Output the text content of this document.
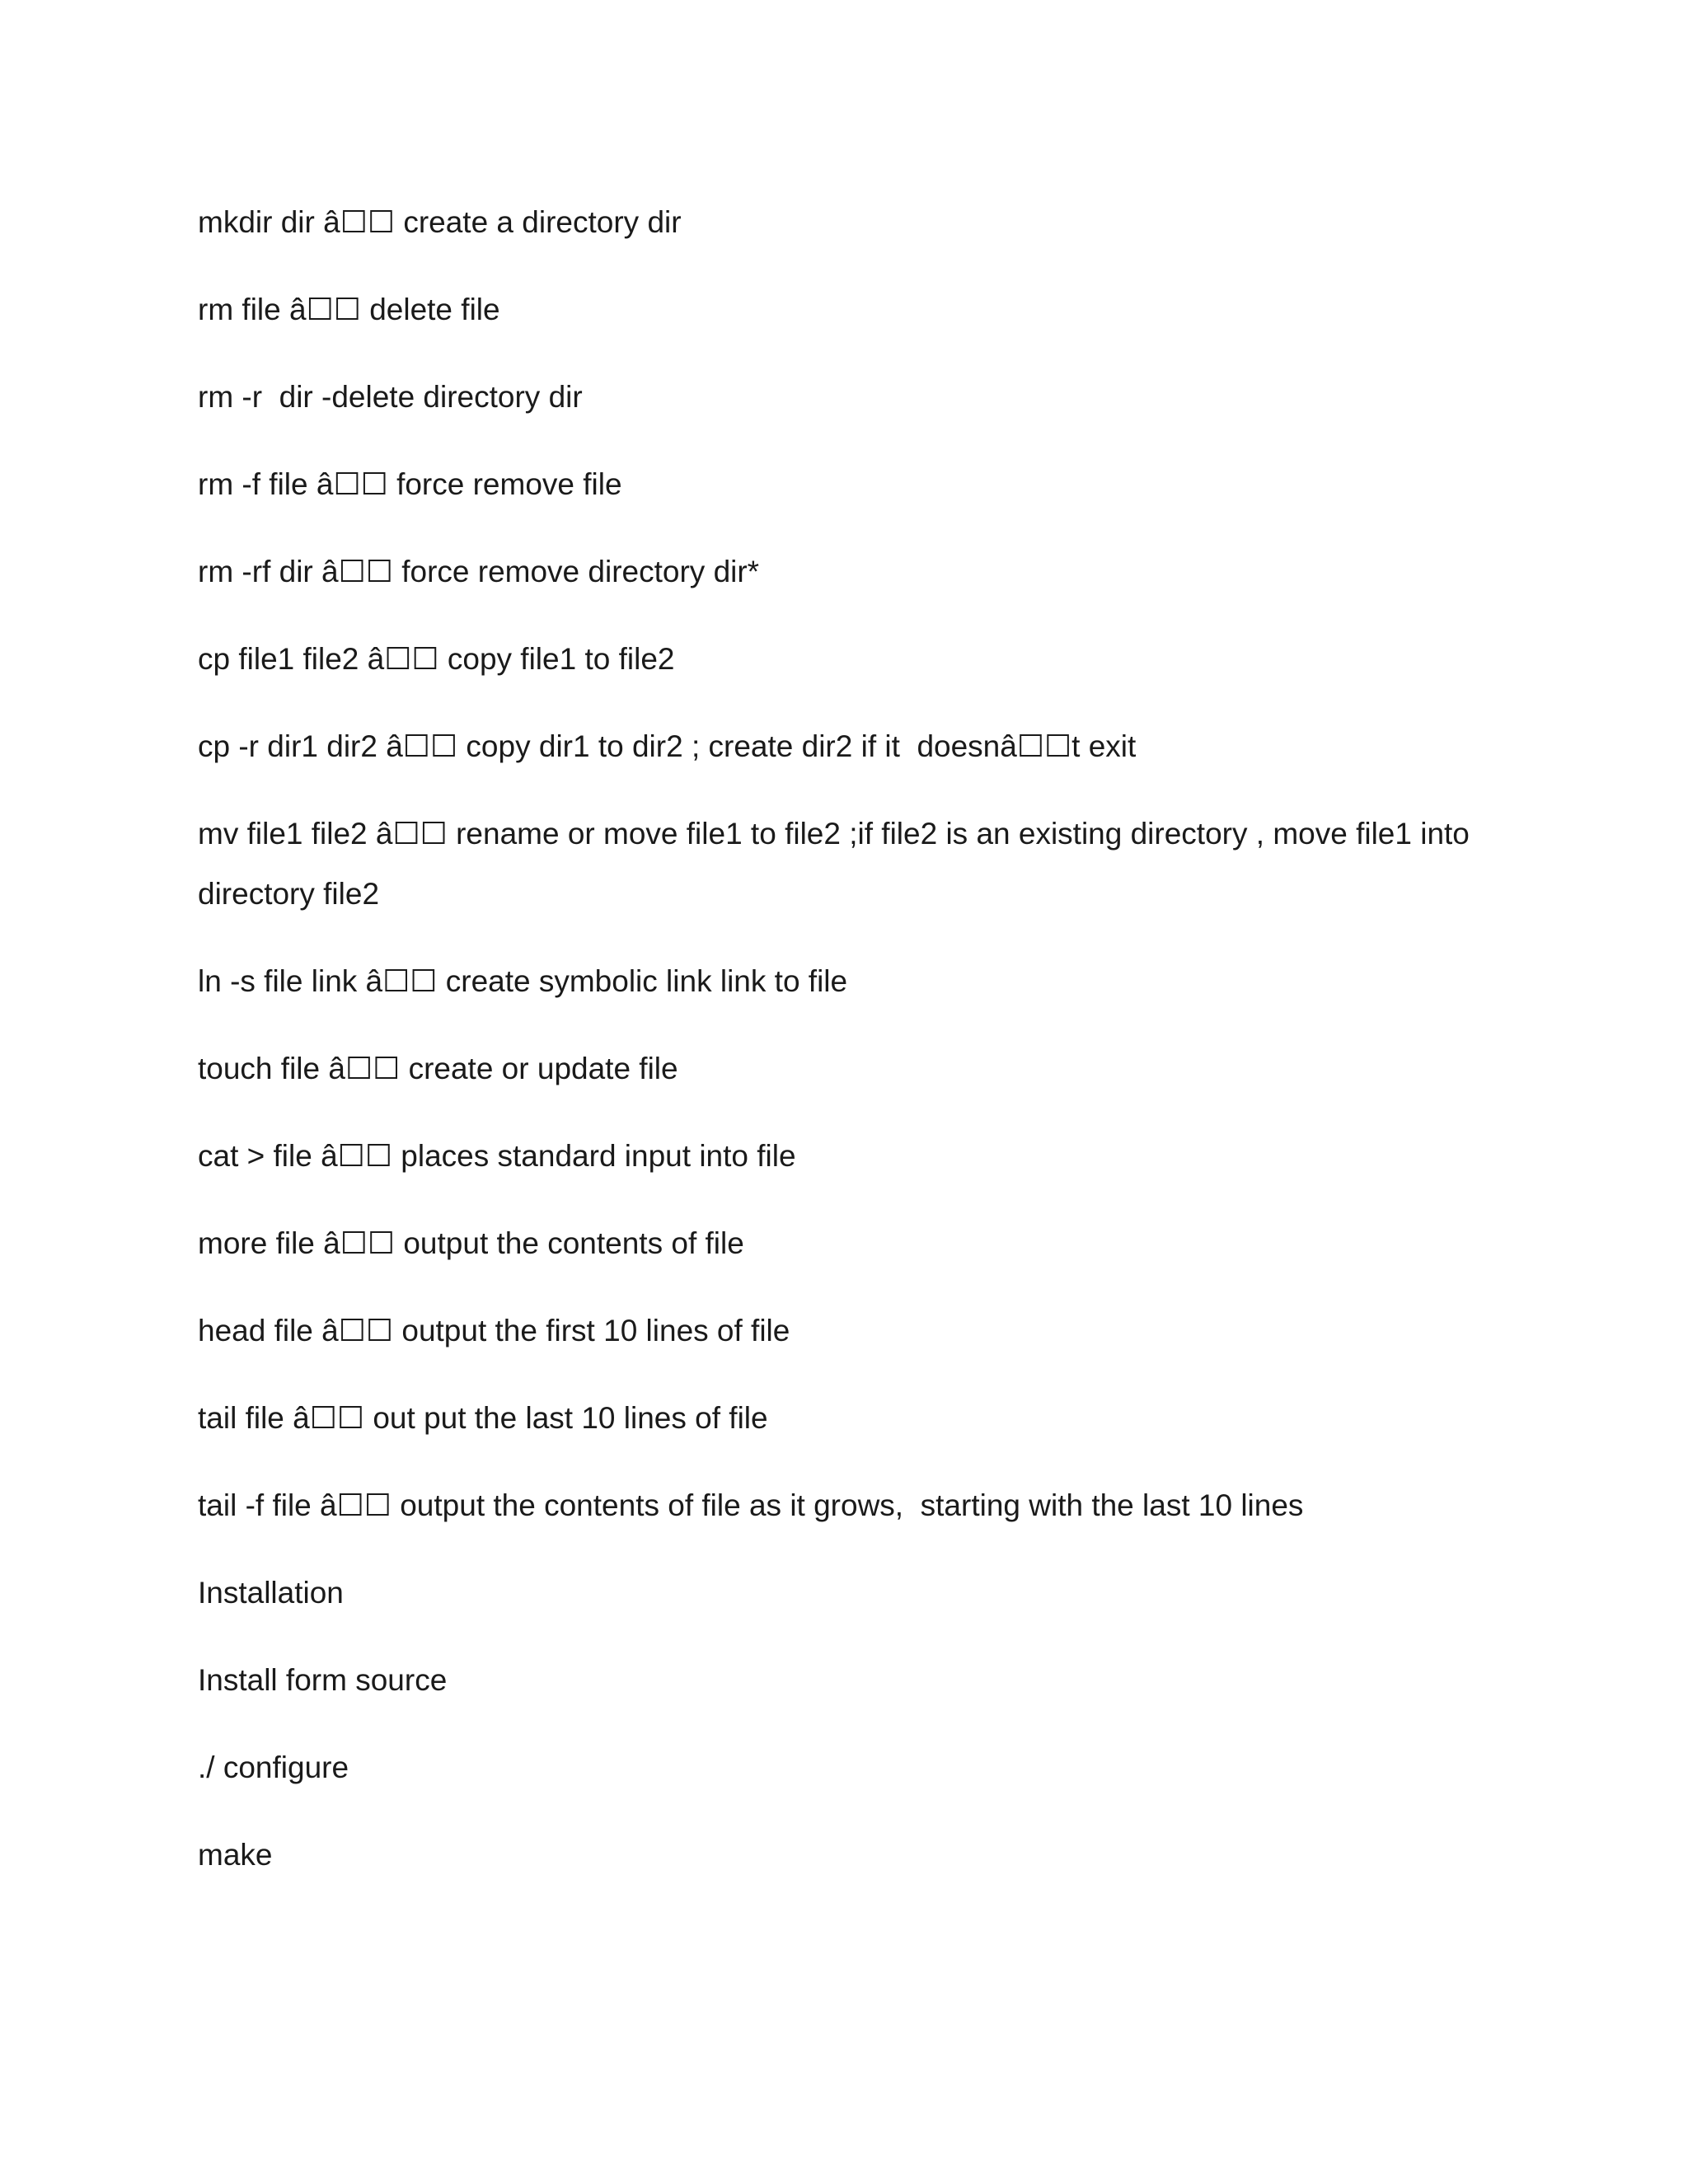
mkdir dir â☐☐ create a directory dir
rm file â☐☐ delete file
rm -r  dir -delete directory dir
rm -f file â☐☐ force remove file
rm -rf dir â☐☐ force remove directory dir*
cp file1 file2 â☐☐ copy file1 to file2
cp -r dir1 dir2 â☐☐ copy dir1 to dir2 ; create dir2 if it  doesnâ☐☐t exit
mv file1 file2 â☐☐ rename or move file1 to file2 ;if file2 is an existing directory , move file1 into
directory file2
ln -s file link â☐☐ create symbolic link link to file
touch file â☐☐ create or update file
cat > file â☐☐ places standard input into file
more file â☐☐ output the contents of file
head file â☐☐ output the first 10 lines of file
tail file â☐☐ out put the last 10 lines of file
tail -f file â☐☐ output the contents of file as it grows,  starting with the last 10 lines
Installation
Install form source
./ configure
make
